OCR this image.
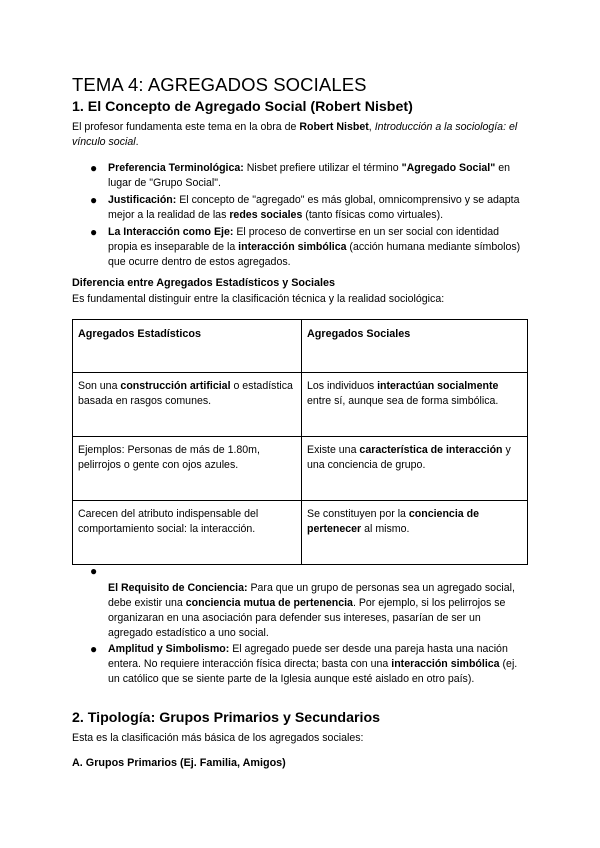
TEMA 4: AGREGADOS SOCIALES
1. El Concepto de Agregado Social (Robert Nisbet)

El profesor fundamenta este tema en la obra de Robert Nisbet, Introducción a la sociología: el vínculo social.

● Preferencia Terminológica: Nisbet prefiere utilizar el término "Agregado Social" en lugar de "Grupo Social".
● Justificación: El concepto de "agregado" es más global, omnicomprensivo y se adapta mejor a la realidad de las redes sociales (tanto físicas como virtuales).
● La Interacción como Eje: El proceso de convertirse en un ser social con identidad propia es inseparable de la interacción simbólica (acción humana mediante símbolos) que ocurre dentro de estos agregados.
Diferencia entre Agregados Estadísticos y Sociales

Es fundamental distinguir entre la clasificación técnica y la realidad sociológica:

Agregados Estadísticos	Agregados Sociales
Son una construcción artificial o estadística basada en rasgos comunes.	Los individuos interactúan socialmente entre sí, aunque sea de forma simbólica.
Ejemplos: Personas de más de 1.80m, pelirrojos o gente con ojos azules.	Existe una característica de interacción y una conciencia de grupo.
Carecen del atributo indispensable del comportamiento social: la interacción.	Se constituyen por la conciencia de pertenecer al mismo.
●
El Requisito de Conciencia: Para que un grupo de personas sea un agregado social, debe existir una conciencia mutua de pertenencia. Por ejemplo, si los pelirrojos se organizaran en una asociación para defender sus intereses, pasarían de ser un agregado estadístico a uno social.
● Amplitud y Simbolismo: El agregado puede ser desde una pareja hasta una nación entera. No requiere interacción física directa; basta con una interacción simbólica (ej. un católico que se siente parte de la Iglesia aunque esté aislado en otro país).
2. Tipología: Grupos Primarios y Secundarios

Esta es la clasificación más básica de los agregados sociales:

A. Grupos Primarios (Ej. Familia, Amigos)
